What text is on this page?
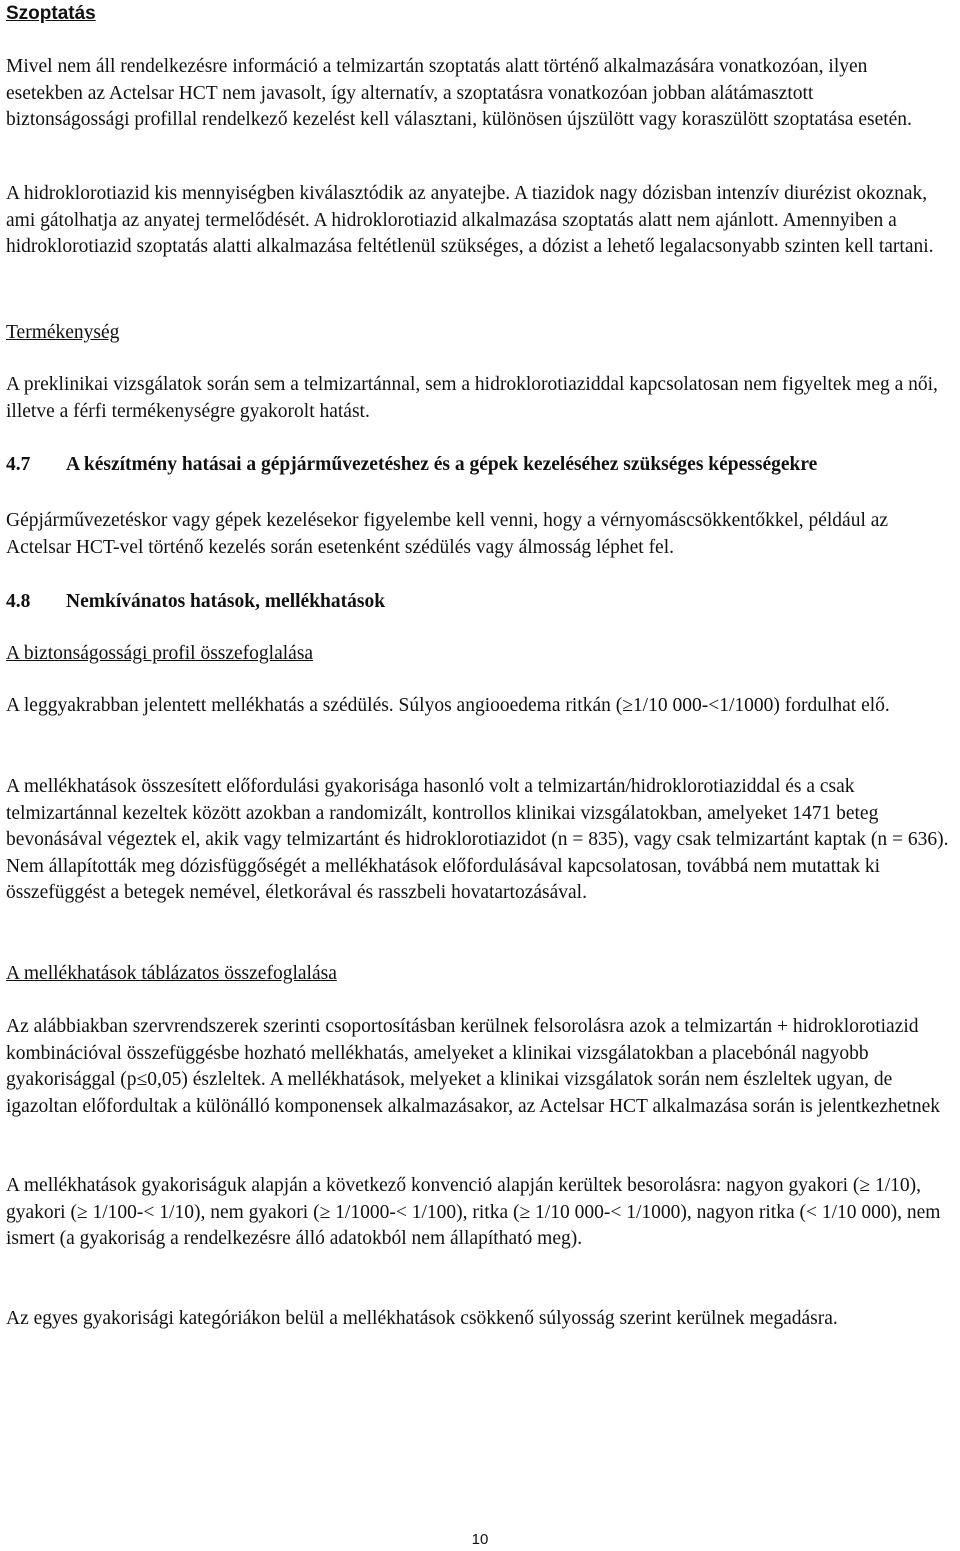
Szoptatás

Mivel nem áll rendelkezésre információ a telmizartán szoptatás alatt történő alkalmazására vonatkozóan, ilyen esetekben az Actelsar HCT nem javasolt, így alternatív, a szoptatásra vonatkozóan jobban alátámasztott biztonságossági profillal rendelkező kezelést kell választani, különösen újszülött vagy koraszülött szoptatása esetén.

A hidroklorotiazid kis mennyiségben kiválasztódik az anyatejbe. A tiazidok nagy dózisban intenzív diurézist okoznak, ami gátolhatja az anyatej termelődését. A hidroklorotiazid alkalmazása szoptatás alatt nem ajánlott. Amennyiben a hidroklorotiazid szoptatás alatti alkalmazása feltétlenül szükséges, a dózist a lehető legalacsonyabb szinten kell tartani.

Termékenység

A preklinikai vizsgálatok során sem a telmizartánnal, sem a hidroklorotiaziddal kapcsolatosan nem figyeltek meg a női, illetve a férfi termékenységre gyakorolt hatást.

4.7	A készítmény hatásai a gépjárművezetéshez és a gépek kezeléséhez szükséges képességekre

Gépjárművezetéskor vagy gépek kezelésekor figyelembe kell venni, hogy a vérnyomáscsökkentőkkel, például az Actelsar HCT-vel történő kezelés során esetenként szédülés vagy álmosság léphet fel.

4.8	Nemkívánatos hatások, mellékhatások

A biztonságossági profil összefoglalása

A leggyakrabban jelentett mellékhatás a szédülés. Súlyos angiooedema ritkán (≥1/10 000-<1/1000) fordulhat elő.

A mellékhatások összesített előfordulási gyakorisága hasonló volt a telmizartán/hidroklorotiaziddal és a csak telmizartánnal kezeltek között azokban a randomizált, kontrollos klinikai vizsgálatokban, amelyeket 1471 beteg bevonásával végeztek el, akik vagy telmizartánt és hidroklorotiazidot (n = 835), vagy csak telmizartánt kaptak (n = 636). Nem állapították meg dózisfüggőségét a mellékhatások előfordulásával kapcsolatosan, továbbá nem mutattak ki összefüggést a betegek nemével, életkorával és rasszbeli hovatartozásával.

A mellékhatások táblázatos összefoglalása

Az alábbiakban szervrendszerek szerinti csoportosításban kerülnek felsorolásra azok a telmizartán + hidroklorotiazid kombinációval összefüggésbe hozható mellékhatás, amelyeket a klinikai vizsgálatokban a placebónál nagyobb gyakorisággal (p≤0,05) észleltek. A mellékhatások, melyeket a klinikai vizsgálatok során nem észleltek ugyan, de igazoltan előfordultak a különálló komponensek alkalmazásakor, az Actelsar HCT alkalmazása során is jelentkezhetnek

A mellékhatások gyakoriságuk alapján a következő konvenció alapján kerültek besorolásra: nagyon gyakori (≥ 1/10), gyakori (≥ 1/100-< 1/10), nem gyakori (≥ 1/1000-< 1/100), ritka (≥ 1/10 000-< 1/1000), nagyon ritka (< 1/10 000), nem ismert (a gyakoriság a rendelkezésre álló adatokból nem állapítható meg).

Az egyes gyakorisági kategóriákon belül a mellékhatások csökkenő súlyosság szerint kerülnek megadásra.

10
